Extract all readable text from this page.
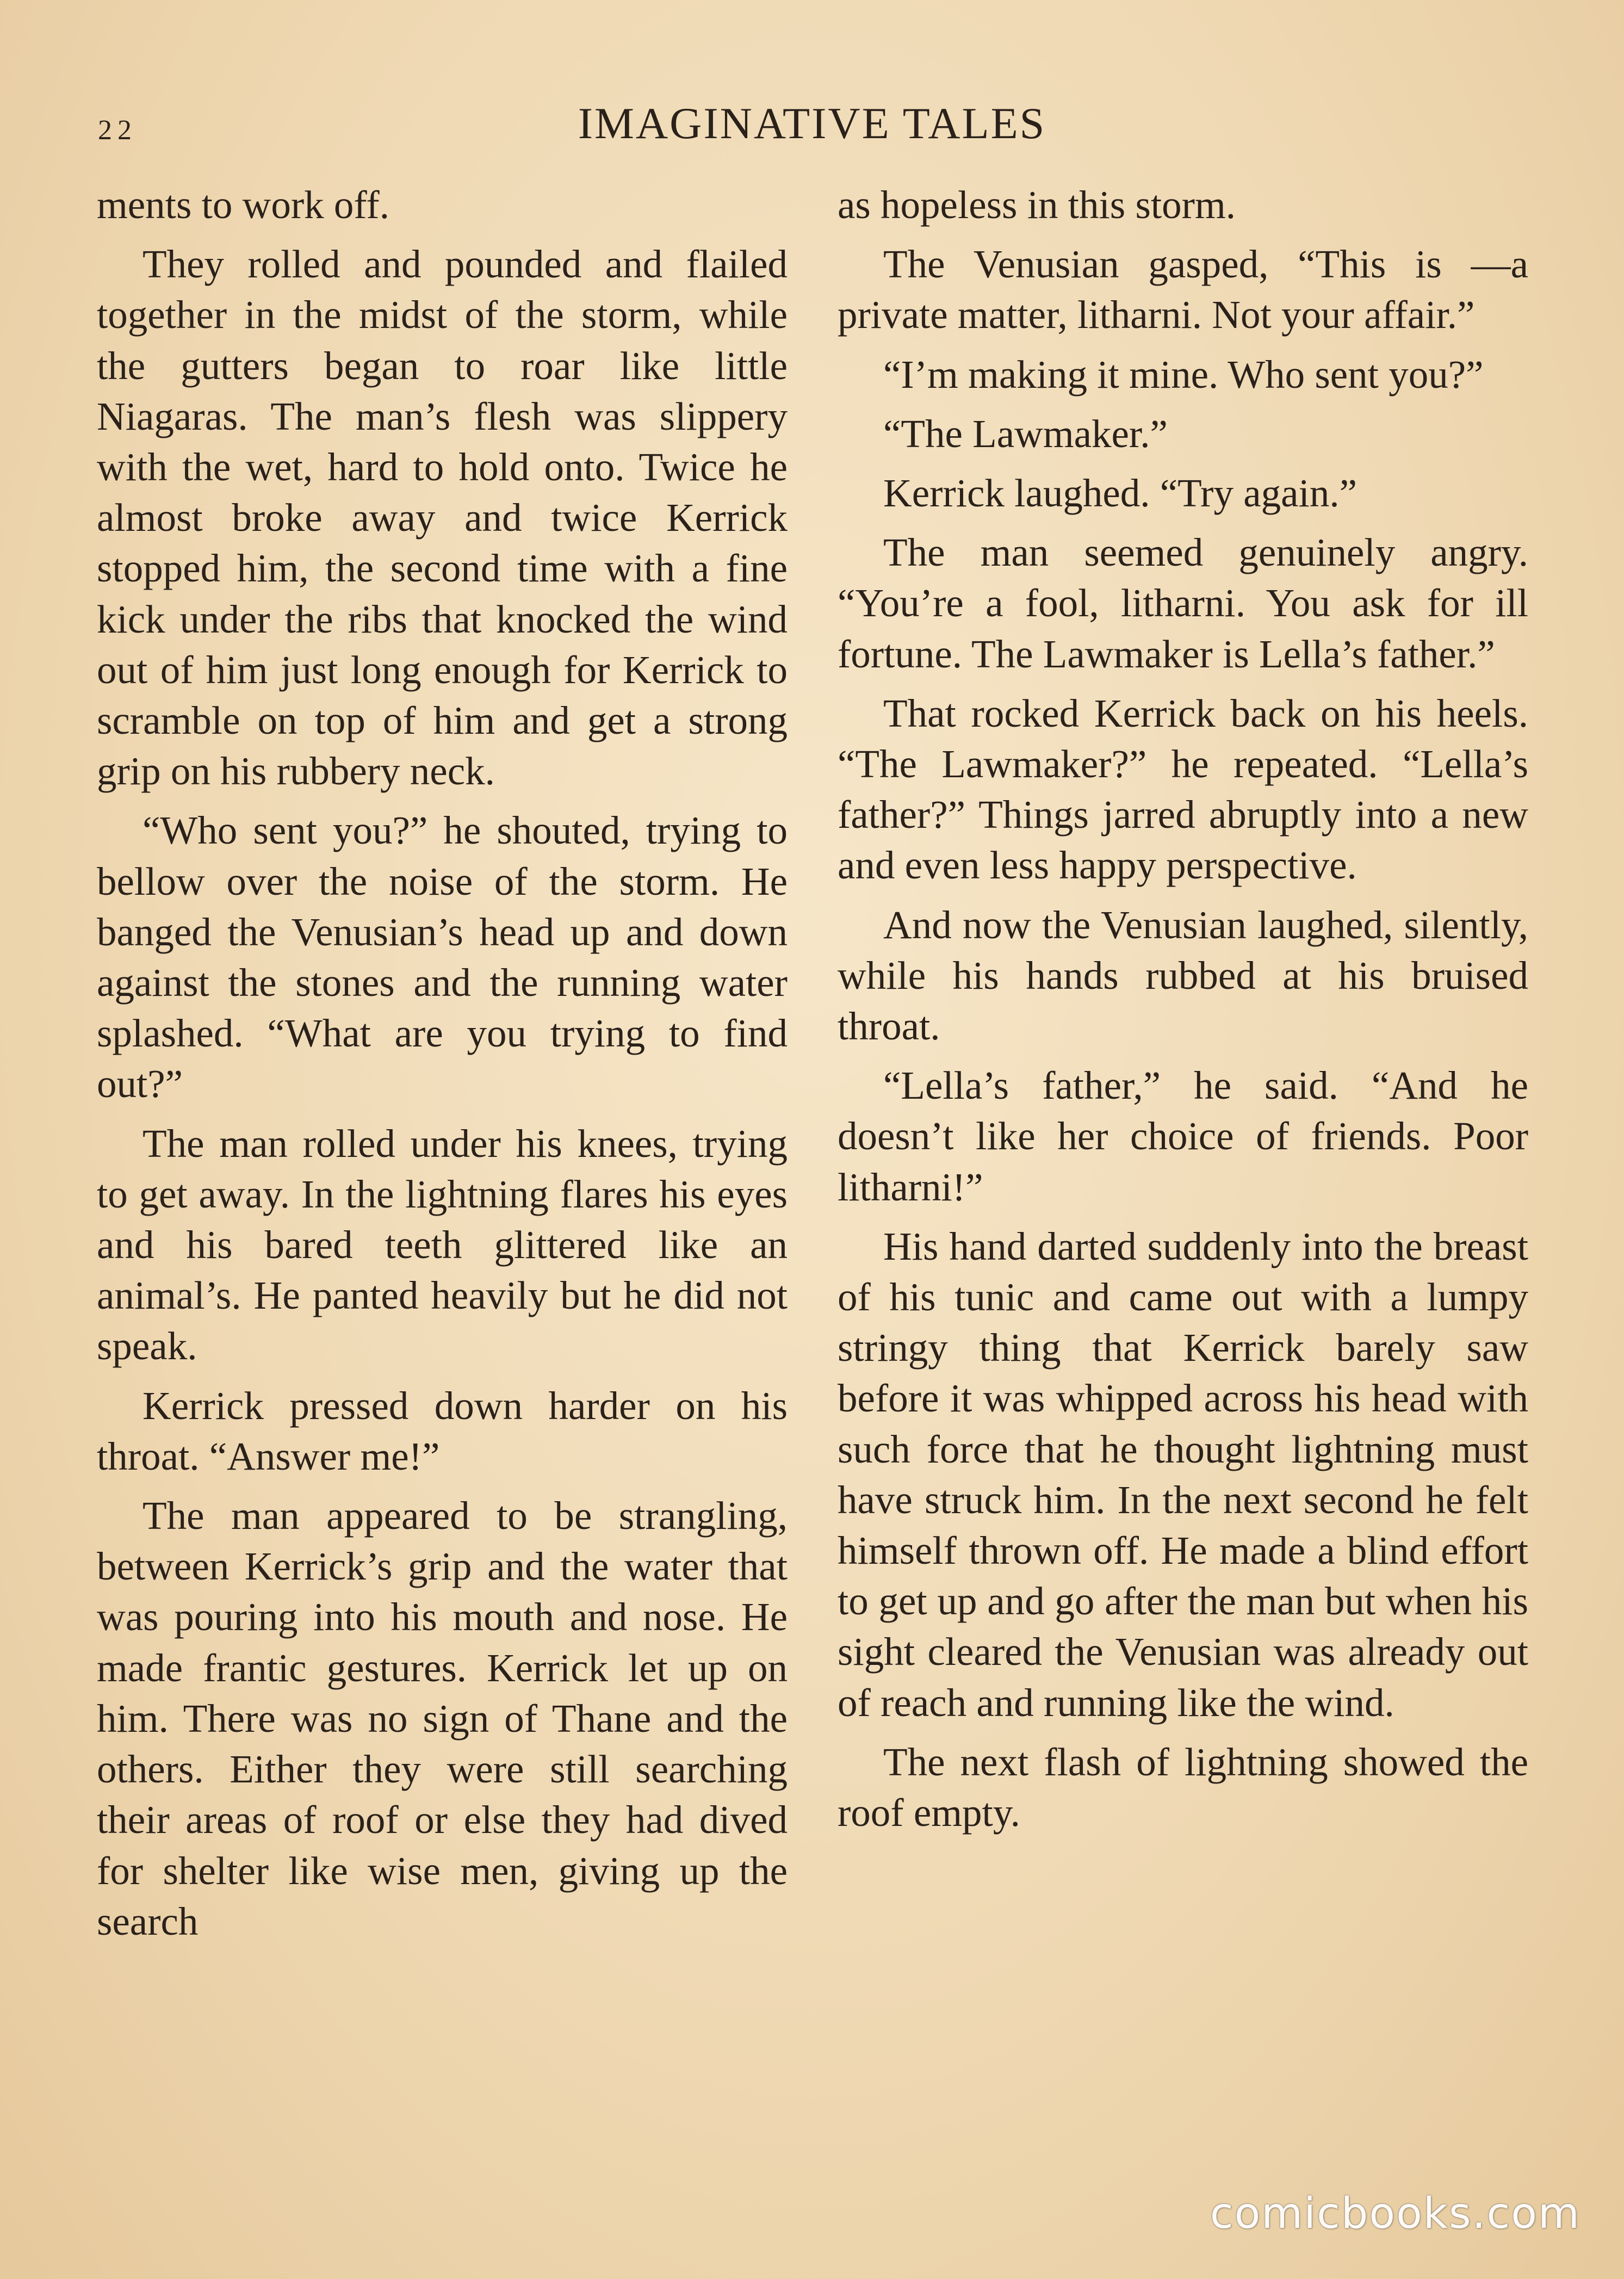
22	IMAGINATIVE TALES

ments to work off.

They rolled and pounded and flailed together in the midst of the storm, while the gutters began to roar like little Niagaras. The man’s flesh was slippery with the wet, hard to hold onto. Twice he almost broke away and twice Kerrick stopped him, the second time with a fine kick under the ribs that knocked the wind out of him just long enough for Kerrick to scramble on top of him and get a strong grip on his rubbery neck.

“Who sent you?” he shouted, trying to bellow over the noise of the storm. He banged the Venusian’s head up and down against the stones and the running water splashed. “What are you trying to find out?”

The man rolled under his knees, trying to get away. In the lightning flares his eyes and his bared teeth glittered like an animal’s. He panted heavily but he did not speak.

Kerrick pressed down harder on his throat. “Answer me!”

The man appeared to be strangling, between Kerrick’s grip and the water that was pouring into his mouth and nose. He made frantic gestures. Kerrick let up on him. There was no sign of Thane and the others. Either they were still searching their areas of roof or else they had dived for shelter like wise men, giving up the search

as hopeless in this storm.

The Venusian gasped, “This is —a private matter, litharni. Not your affair.”

“I’m making it mine. Who sent you?”

“The Lawmaker.”

Kerrick laughed. “Try again.”

The man seemed genuinely angry. “You’re a fool, litharni. You ask for ill fortune. The Lawmaker is Lella’s father.”

That rocked Kerrick back on his heels. “The Lawmaker?” he repeated. “Lella’s father?” Things jarred abruptly into a new and even less happy perspective.

And now the Venusian laughed, silently, while his hands rubbed at his bruised throat.

“Lella’s father,” he said. “And he doesn’t like her choice of friends. Poor litharni!”

His hand darted suddenly into the breast of his tunic and came out with a lumpy stringy thing that Kerrick barely saw before it was whipped across his head with such force that he thought lightning must have struck him. In the next second he felt himself thrown off. He made a blind effort to get up and go after the man but when his sight cleared the Venusian was already out of reach and running like the wind.

The next flash of lightning showed the roof empty.

comicbooks.com
